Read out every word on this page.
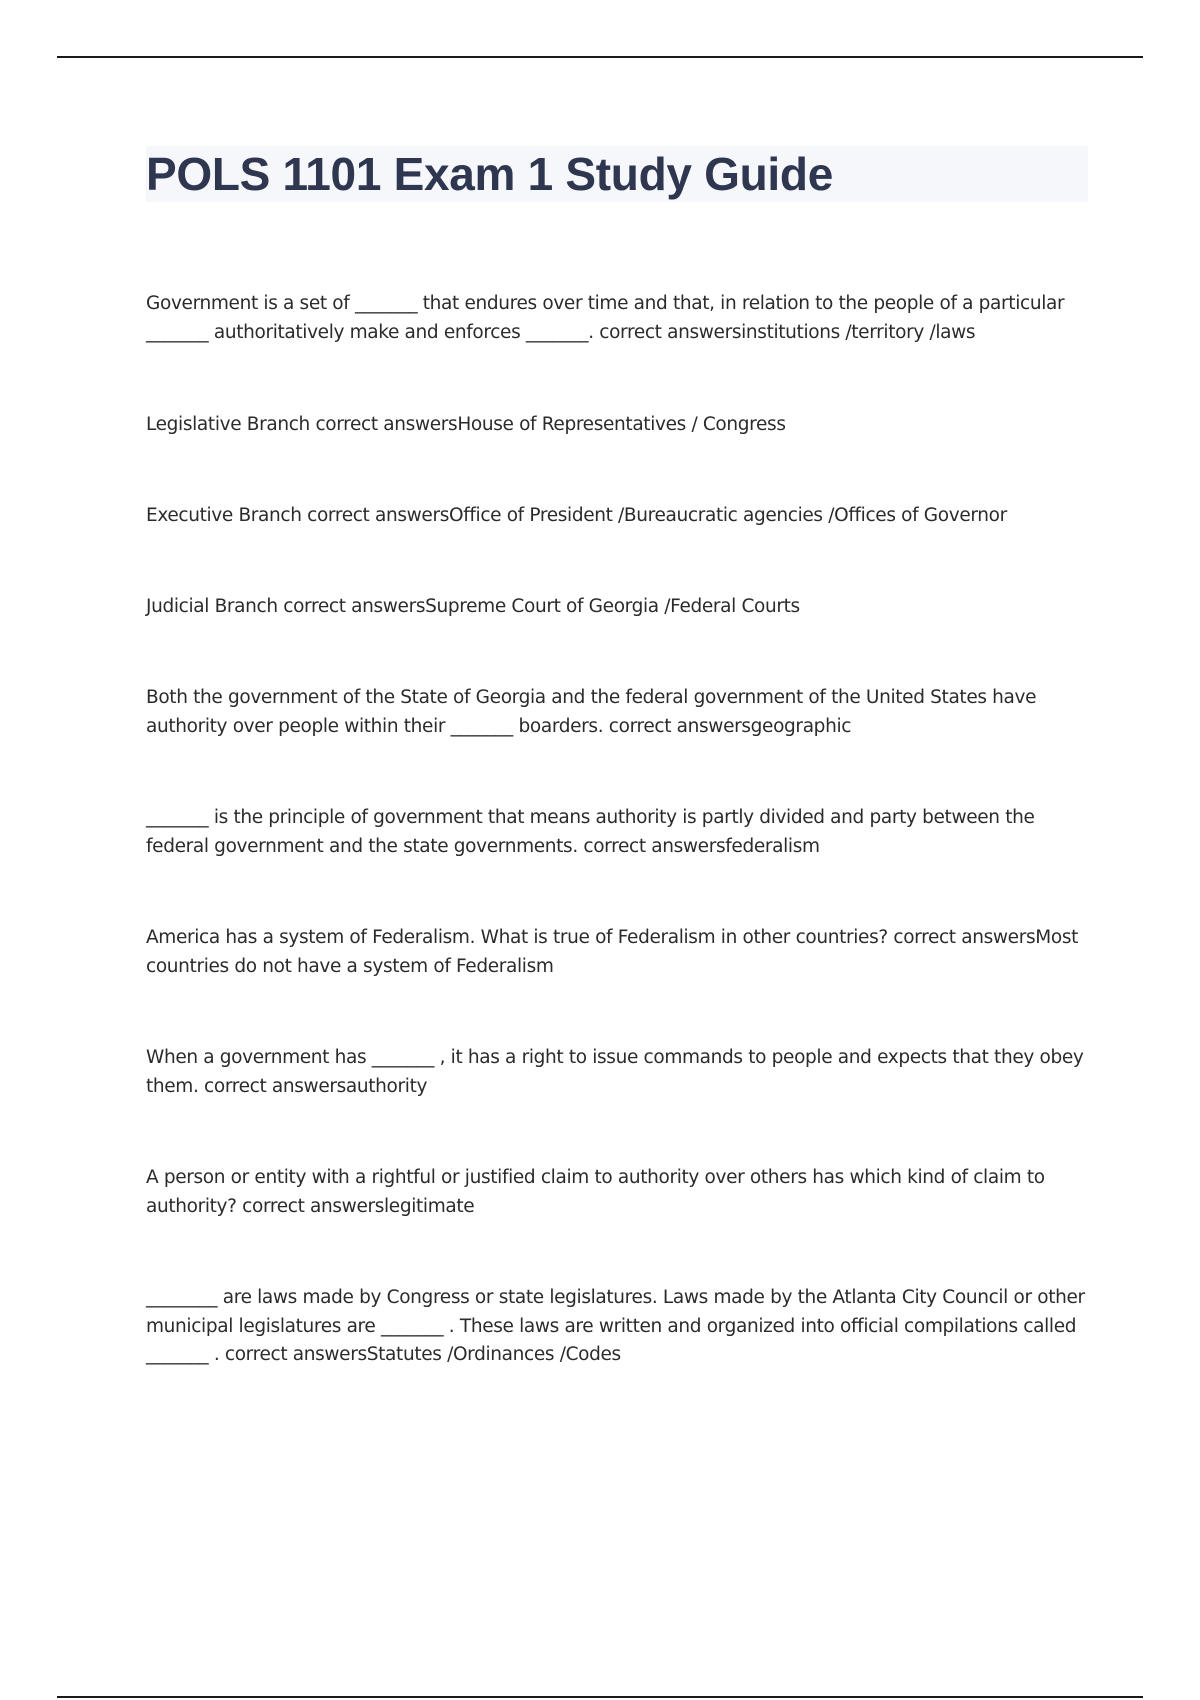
POLS 1101 Exam 1 Study Guide
Government is a set of _______ that endures over time and that, in relation to the people of a particular _______ authoritatively make and enforces _______. correct answersinstitutions /territory /laws
Legislative Branch correct answersHouse of Representatives / Congress
Executive Branch correct answersOffice of President /Bureaucratic agencies /Offices of Governor
Judicial Branch correct answersSupreme Court of Georgia /Federal Courts
Both the government of the State of Georgia and the federal government of the United States have authority over people within their _______ boarders. correct answersgeographic
_______ is the principle of government that means authority is partly divided and party between the federal government and the state governments. correct answersfederalism
America has a system of Federalism. What is true of Federalism in other countries? correct answersMost countries do not have a system of Federalism
When a government has _______ , it has a right to issue commands to people and expects that they obey them. correct answersauthority
A person or entity with a rightful or justified claim to authority over others has which kind of claim to authority? correct answerslegitimate
________ are laws made by Congress or state legislatures. Laws made by the Atlanta City Council or other municipal legislatures are _______ . These laws are written and organized into official compilations called _______ . correct answersStatutes /Ordinances /Codes
